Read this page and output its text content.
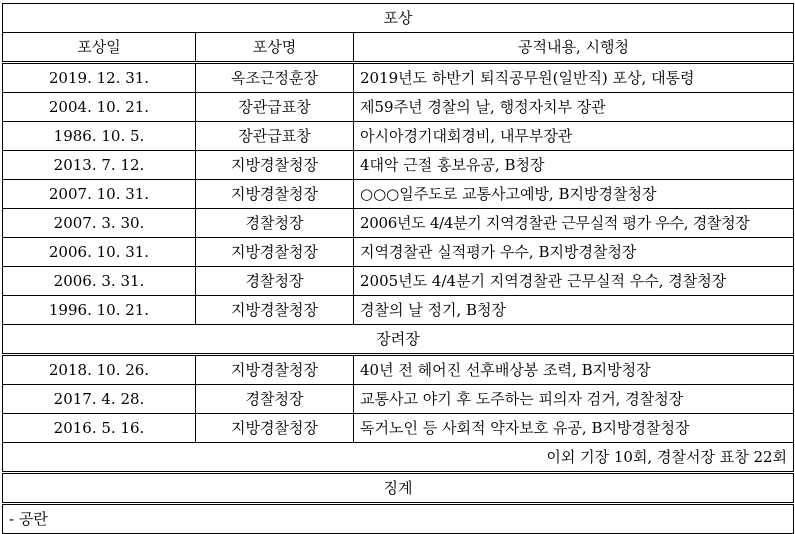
포상		
포상일	포상명	공적내용, 시행청
2019. 12. 31.	옥조근정훈장	2019년도 하반기 퇴직공무원(일반직) 포상, 대통령
2004. 10. 21.	장관급표창	제59주년 경찰의 날, 행정자치부 장관
1986. 10. 5.	장관급표창	아시아경기대회경비, 내무부장관
2013. 7. 12.	지방경찰청장	4대악 근절 홍보유공, B청장
2007. 10. 31.	지방경찰청장	○○○일주도로 교통사고예방, B지방경찰청장
2007. 3. 30.	경찰청장	2006년도 4/4분기 지역경찰관 근무실적 평가 우수, 경찰청장
2006. 10. 31.	지방경찰청장	지역경찰관 실적평가 우수, B지방경찰청장
2006. 3. 31.	경찰청장	2005년도 4/4분기 지역경찰관 근무실적 우수, 경찰청장
1996. 10. 21.	지방경찰청장	경찰의 날 정기, B청장
장려장		
2018. 10. 26.	지방경찰청장	40년 전 헤어진 선후배상봉 조력, B지방청장
2017. 4. 28.	경찰청장	교통사고 야기 후 도주하는 피의자 검거, 경찰청장
2016. 5. 16.	지방경찰청장	독거노인 등 사회적 약자보호 유공, B지방경찰청장
이외 기장 10회, 경찰서장 표창 22회		
징계		
- 공란		
